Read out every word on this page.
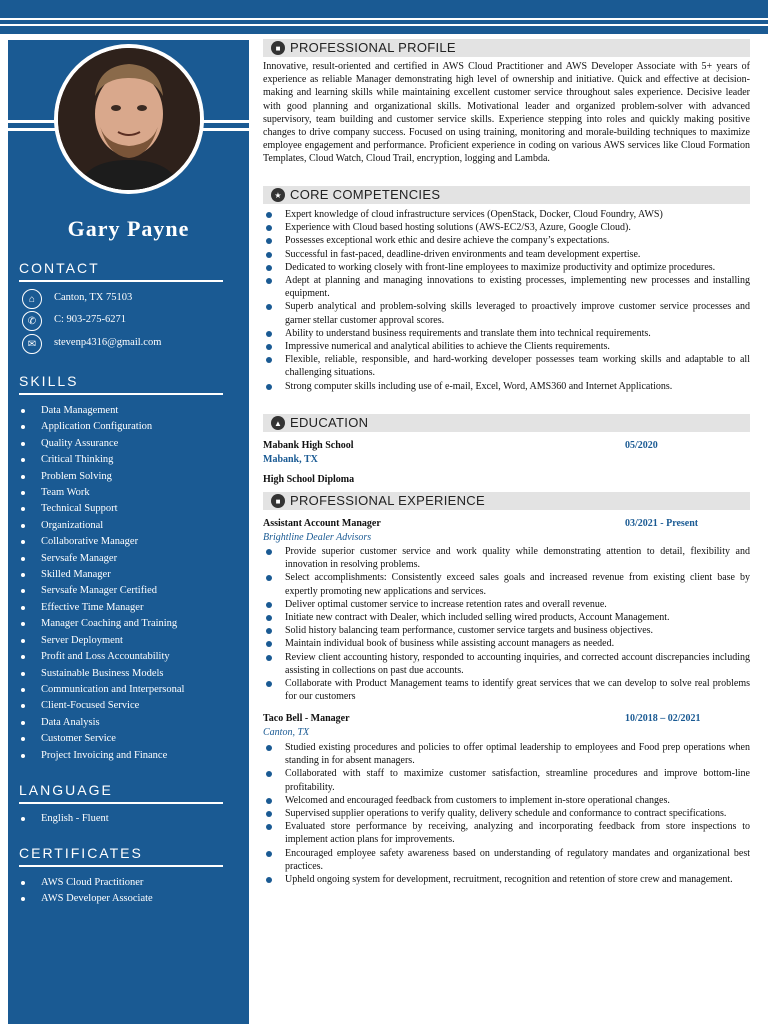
Gary Payne
CONTACT
⌂	Canton, TX 75103
✆	C: 903-275-6271
✉	stevenp4316@gmail.com
SKILLS
Data Management
Application Configuration
Quality Assurance
Critical Thinking
Problem Solving
Team Work
Technical Support
Organizational
Collaborative Manager
Servsafe Manager
Skilled Manager
Servsafe Manager Certified
Effective Time Manager
Manager Coaching and Training
Server Deployment
Profit and Loss Accountability
Sustainable Business Models
Communication and Interpersonal
Client-Focused Service
Data Analysis
Customer Service
Project Invoicing and Finance
LANGUAGE
English - Fluent
CERTIFICATES
AWS Cloud Practitioner
AWS Developer Associate
■ PROFESSIONAL PROFILE
Innovative, result-oriented and certified in AWS Cloud Practitioner and AWS Developer Associate with 5+ years of experience as reliable Manager demonstrating high level of ownership and initiative. Quick and effective at decision-making and learning skills while maintaining excellent customer service throughout sales experience. Decisive leader with good planning and organizational skills. Motivational leader and organized problem-solver with advanced supervisory, team building and customer service skills. Experience stepping into roles and quickly making positive changes to drive company success. Focused on using training, monitoring and morale-building techniques to maximize employee engagement and performance. Proficient experience in coding on various AWS services like Cloud Formation Templates, Cloud Watch, Cloud Trail, encryption, logging and Lambda.
★ CORE COMPETENCIES
Expert knowledge of cloud infrastructure services (OpenStack, Docker, Cloud Foundry, AWS)
Experience with Cloud based hosting solutions (AWS-EC2/S3, Azure, Google Cloud).
Possesses exceptional work ethic and desire achieve the company’s expectations.
Successful in fast-paced, deadline-driven environments and team development expertise.
Dedicated to working closely with front-line employees to maximize productivity and optimize procedures.
Adept at planning and managing innovations to existing processes, implementing new processes and installing equipment.
Superb analytical and problem-solving skills leveraged to proactively improve customer service processes and garner stellar customer approval scores.
Ability to understand business requirements and translate them into technical requirements.
Impressive numerical and analytical abilities to achieve the Clients requirements.
Flexible, reliable, responsible, and hard-working developer possesses team working skills and adaptable to all challenging situations.
Strong computer skills including use of e-mail, Excel, Word, AMS360 and Internet Applications.
▲ EDUCATION
Mabank High School	05/2020
Mabank, TX
High School Diploma
■ PROFESSIONAL EXPERIENCE
Assistant Account Manager	03/2021 - Present
Brightline Dealer Advisors
Provide superior customer service and work quality while demonstrating attention to detail, flexibility and innovation in resolving problems.
Select accomplishments: Consistently exceed sales goals and increased revenue from existing client base by expertly promoting new applications and services.
Deliver optimal customer service to increase retention rates and overall revenue.
Initiate new contract with Dealer, which included selling wired products, Account Management.
Solid history balancing team performance, customer service targets and business objectives.
Maintain individual book of business while assisting account managers as needed.
Review client accounting history, responded to accounting inquiries, and corrected account discrepancies including assisting in collections on past due accounts.
Collaborate with Product Management teams to identify great services that we can develop to solve real problems for our customers
Taco Bell - Manager	10/2018 – 02/2021
Canton, TX
Studied existing procedures and policies to offer optimal leadership to employees and Food prep operations when standing in for absent managers.
Collaborated with staff to maximize customer satisfaction, streamline procedures and improve bottom-line profitability.
Welcomed and encouraged feedback from customers to implement in-store operational changes.
Supervised supplier operations to verify quality, delivery schedule and conformance to contract specifications.
Evaluated store performance by receiving, analyzing and incorporating feedback from store inspections to implement action plans for improvements.
Encouraged employee safety awareness based on understanding of regulatory mandates and organizational best practices.
Upheld ongoing system for development, recruitment, recognition and retention of store crew and management.
